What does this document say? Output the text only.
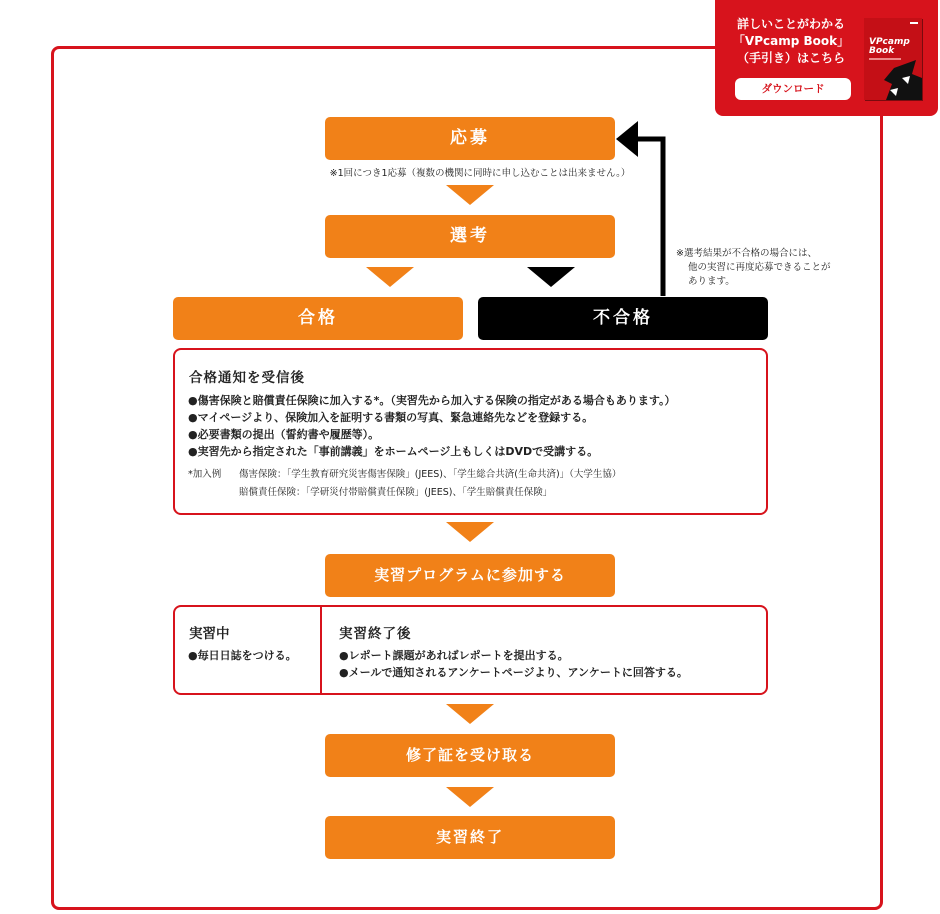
詳しいことがわかる
「VPcamp Book」
（手引き）はこちら
ダウンロード
VPcamp
Book
応募
※1回につき1応募（複数の機関に同時に申し込むことは出来ません。）
選考
※選考結果が不合格の場合には、
他の実習に再度応募できることが
あります。
合格	不合格
合格通知を受信後
●傷害保険と賠償責任保険に加入する*。（実習先から加入する保険の指定がある場合もあります。）
●マイページより、保険加入を証明する書類の写真、緊急連絡先などを登録する。
●必要書類の提出（誓約書や履歴等）。
●実習先から指定された「事前講義」をホームページ上もしくはDVDで受講する。
*加入例 傷害保険：「学生教育研究災害傷害保険」(JEES)、「学生総合共済(生命共済)」（大学生協）
賠償責任保険：「学研災付帯賠償責任保険」(JEES)、「学生賠償責任保険」
実習プログラムに参加する
実習中
●毎日日誌をつける。
実習終了後
●レポート課題があればレポートを提出する。
●メールで通知されるアンケートページより、アンケートに回答する。
修了証を受け取る
実習終了
